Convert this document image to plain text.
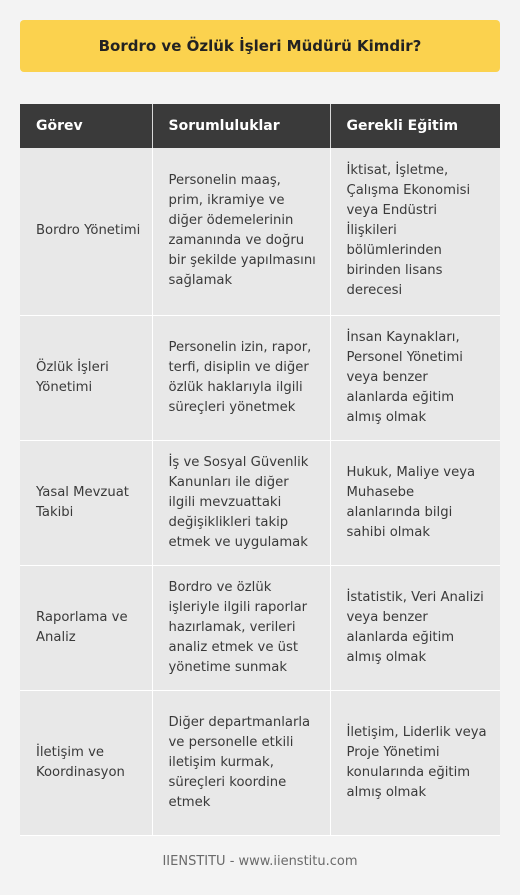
Bordro ve Özlük İşleri Müdürü Kimdir?
Görev	Sorumluluklar	Gerekli Eğitim
Bordro Yönetimi	Personelin maaş, prim, ikramiye ve diğer ödemelerinin zamanında ve doğru bir şekilde yapılmasını sağlamak	İktisat, İşletme, Çalışma Ekonomisi veya Endüstri İlişkileri bölümlerinden birinden lisans derecesi
Özlük İşleri Yönetimi	Personelin izin, rapor, terfi, disiplin ve diğer özlük haklarıyla ilgili süreçleri yönetmek	İnsan Kaynakları, Personel Yönetimi veya benzer alanlarda eğitim almış olmak
Yasal Mevzuat Takibi	İş ve Sosyal Güvenlik Kanunları ile diğer ilgili mevzuattaki değişiklikleri takip etmek ve uygulamak	Hukuk, Maliye veya Muhasebe alanlarında bilgi sahibi olmak
Raporlama ve Analiz	Bordro ve özlük işleriyle ilgili raporlar hazırlamak, verileri analiz etmek ve üst yönetime sunmak	İstatistik, Veri Analizi veya benzer alanlarda eğitim almış olmak
İletişim ve Koordinasyon	Diğer departmanlarla ve personelle etkili iletişim kurmak, süreçleri koordine etmek	İletişim, Liderlik veya Proje Yönetimi konularında eğitim almış olmak
IIENSTITU - www.iienstitu.com
